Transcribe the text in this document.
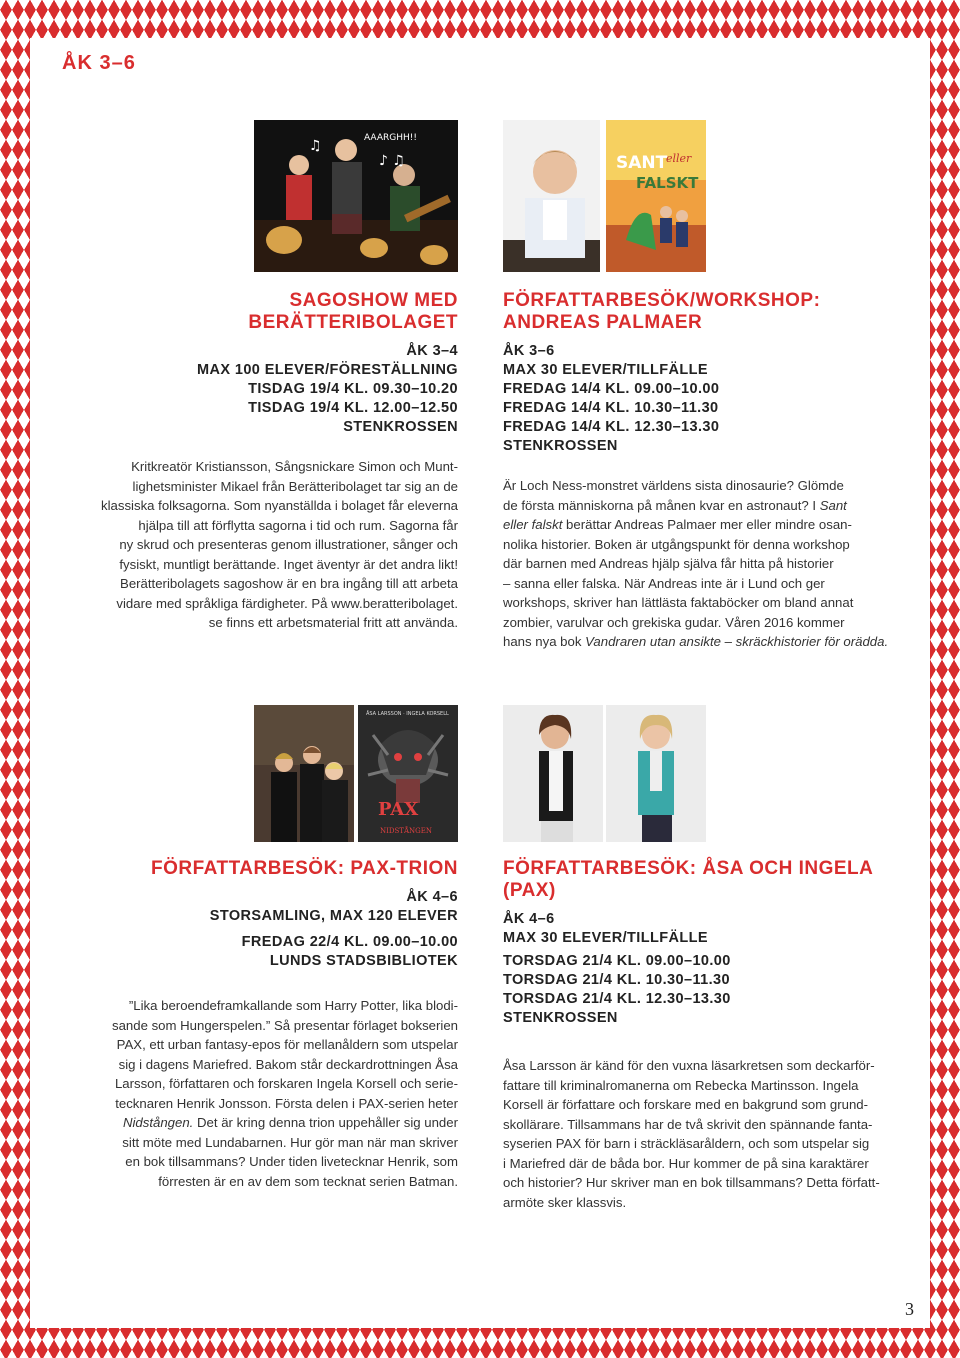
ÅK 3–6
AAARGHH!!
♪ ♫
♫
SANT
eller
FALSKT

SAGOSHOW MED

BERÄTTERIBOLAGET

ÅK 3–4

MAX 100 ELEVER/FÖRESTÄLLNING

TISDAG 19/4 KL. 09.30–10.20

TISDAG 19/4 KL. 12.00–12.50

STENKROSSEN

Kritkreatör Kristiansson, Sångsnickare Simon och Munt-
lighetsminister Mikael från Berätteribolaget tar sig an de
klassiska folksagorna. Som nyanställda i bolaget får eleverna
hjälpa till att förflytta sagorna i tid och rum. Sagorna får
ny skrud och presenteras genom illustrationer, sånger och
fysiskt, muntligt berättande. Inget äventyr är det andra likt!
Berätteribolagets sagoshow är en bra ingång till att arbeta
vidare med språkliga färdigheter. På www.beratteribolaget.
se finns ett arbetsmaterial fritt att använda.

FÖRFATTARBESÖK/WORKSHOP:

ANDREAS PALMAER

ÅK 3–6

MAX 30 ELEVER/TILLFÄLLE

FREDAG 14/4 KL. 09.00–10.00

FREDAG 14/4 KL. 10.30–11.30

FREDAG 14/4 KL. 12.30–13.30

STENKROSSEN

Är Loch Ness-monstret världens sista dinosaurie? Glömde
de första människorna på månen kvar en astronaut? I Sant
eller falskt berättar Andreas Palmaer mer eller mindre osan-
nolika historier. Boken är utgångspunkt för denna workshop
där barnen med Andreas hjälp själva får hitta på historier
– sanna eller falska. När Andreas inte är i Lund och ger
workshops, skriver han lättlästa faktaböcker om bland annat
zombier, varulvar och grekiska gudar. Våren 2016 kommer
hans nya bok Vandraren utan ansikte – skräckhistorier för orädda.
ÅSA LARSSON · INGELA KORSELL
PAX
NIDSTÅNGEN

FÖRFATTARBESÖK: PAX-TRION

ÅK 4–6

STORSAMLING, MAX 120 ELEVER

FREDAG 22/4 KL. 09.00–10.00

LUNDS STADSBIBLIOTEK

”Lika beroendeframkallande som Harry Potter, lika blodi-
sande som Hungerspelen.” Så presentar förlaget bokserien
PAX, ett urban fantasy-epos för mellanåldern som utspelar
sig i dagens Mariefred. Bakom står deckardrottningen Åsa
Larsson, författaren och forskaren Ingela Korsell och serie-
tecknaren Henrik Jonsson. Första delen i PAX-serien heter
Nidstången. Det är kring denna trion uppehåller sig under
sitt möte med Lundabarnen. Hur gör man när man skriver
en bok tillsammans? Under tiden livetecknar Henrik, som
förresten är en av dem som tecknat serien Batman.

FÖRFATTARBESÖK: ÅSA OCH INGELA (PAX)

ÅK 4–6

MAX 30 ELEVER/TILLFÄLLE

TORSDAG 21/4 KL. 09.00–10.00

TORSDAG 21/4 KL. 10.30–11.30

TORSDAG 21/4 KL. 12.30–13.30

STENKROSSEN

Åsa Larsson är känd för den vuxna läsarkretsen som deckarför-
fattare till kriminalromanerna om Rebecka Martinsson. Ingela
Korsell är författare och forskare med en bakgrund som grund-
skollärare. Tillsammans har de två skrivit den spännande fanta-
syserien PAX för barn i sträckläsaråldern, och som utspelar sig
i Mariefred där de båda bor. Hur kommer de på sina karaktärer
och historier? Hur skriver man en bok tillsammans? Detta författ-
armöte sker klassvis.
3
